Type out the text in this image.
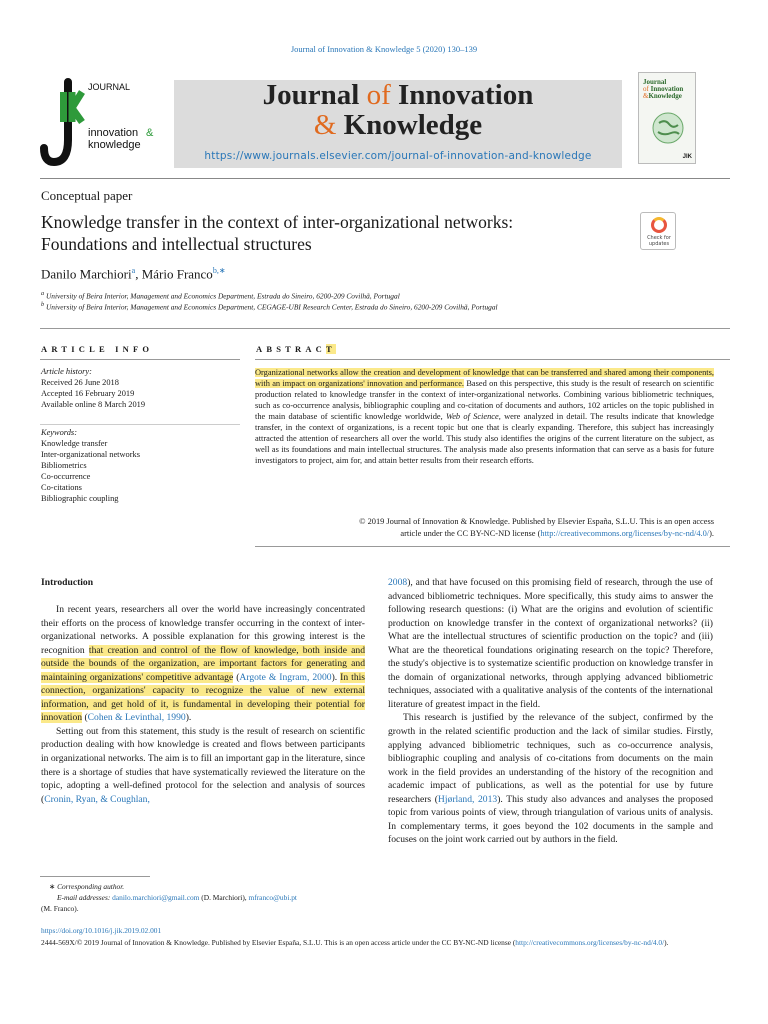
Journal of Innovation & Knowledge 5 (2020) 130–139
JOURNAL
innovation &
knowledge
Journal of Innovation
& Knowledge
https://www.journals.elsevier.com/journal-of-innovation-and-knowledge
Journal
of Innovation
&Knowledge
JIK
Conceptual paper
Knowledge transfer in the context of inter-organizational networks:
Foundations and intellectual structures	Check for updates
Danilo Marchiori$^a$, Mário Franco$^{b,∗}$
$^a$ University of Beira Interior, Management and Economics Department, Estrada do Sineiro, 6200-209 Covilhã, Portugal
$^b$ University of Beira Interior, Management and Economics Department, CEGAGE-UBI Research Center, Estrada do Sineiro, 6200-209 Covilhã, Portugal
ARTICLE INFO
Article history:
Received 26 June 2018
Accepted 16 February 2019
Available online 8 March 2019
Keywords:
Knowledge transfer
Inter-organizational networks
Bibliometrics
Co-occurrence
Co-citations
Bibliographic coupling
ABSTRACT
Organizational networks allow the creation and development of knowledge that can be transferred and shared among their components, with an impact on organizations' innovation and performance. Based on this perspective, this study is the result of research on scientific production related to knowledge transfer in the context of inter-organizational networks. Combining various bibliometric techniques, such as co-occurrence analysis, bibliographic coupling and co-citation of documents and authors, 102 articles on the topic published in the main database of scientific knowledge worldwide, Web of Science, were analyzed in detail. The results indicate that knowledge transfer, in the context of organizations, is a recent topic but one that is clearly expanding. Therefore, this subject has increasingly attracted the attention of researchers all over the world. This study also identifies the origins of the current literature on the subject, as well as its foundations and main intellectual structures. The analysis made also presents information that can serve as a basis for future investigators to project, aim for, and attain better results from their research efforts.
© 2019 Journal of Innovation & Knowledge. Published by Elsevier España, S.L.U. This is an open access
article under the CC BY-NC-ND license (http://creativecommons.org/licenses/by-nc-nd/4.0/).
Introduction
In recent years, researchers all over the world have increasingly concentrated their efforts on the process of knowledge transfer occurring in the context of inter-organizational networks. A possible explanation for this growing interest is the recognition that creation and control of the flow of knowledge, both inside and outside the bounds of the organization, are important factors for generating and maintaining organizations' competitive advantage (Argote & Ingram, 2000). In this connection, organizations' capacity to recognize the value of new external information, and get hold of it, is fundamental in developing their potential for innovation (Cohen & Levinthal, 1990).
Setting out from this statement, this study is the result of research on scientific production dealing with how knowledge is created and flows between participants in organizational networks. The aim is to fill an important gap in the literature, since there is a shortage of studies that have systematically reviewed the literature on the topic, adopting a well-defined protocol for the selection and analysis of sources (Cronin, Ryan, & Coughlan,
2008), and that have focused on this promising field of research, through the use of advanced bibliometric techniques. More specifically, this study aims to answer the following research questions: (i) What are the origins and evolution of scientific production on knowledge transfer in the context of organizational networks? (ii) What are the intellectual structures of scientific production on the topic? and (iii) What are the theoretical foundations originating research on the topic? Therefore, the study's objective is to systematize scientific production on knowledge transfer in the domain of organizational networks, through applying advanced bibliometric techniques, associated with a qualitative analysis of the contents of the international literature of greatest impact in the field.
This research is justified by the relevance of the subject, confirmed by the growth in the related scientific production and the lack of similar studies. Firstly, applying advanced bibliometric techniques, such as co-occurrence analysis, bibliographic coupling and analysis of co-citations from documents on the main work in the field provides an understanding of the history of the recognition and academic impact of publications, as well as the potential for use by future researchers (Hjørland, 2013). This study also advances and analyses the proposed topic from various points of view, through triangulation of various units of analysis. In complementary terms, it goes beyond the 102 documents in the sample and focuses on the joint work carried out by authors in the field.
∗ Corresponding author.
E-mail addresses: danilo.marchiori@gmail.com (D. Marchiori), mfranco@ubi.pt
(M. Franco).
https://doi.org/10.1016/j.jik.2019.02.001
2444-569X/© 2019 Journal of Innovation & Knowledge. Published by Elsevier España, S.L.U. This is an open access article under the CC BY-NC-ND license (http://creativecommons.org/licenses/by-nc-nd/4.0/).
